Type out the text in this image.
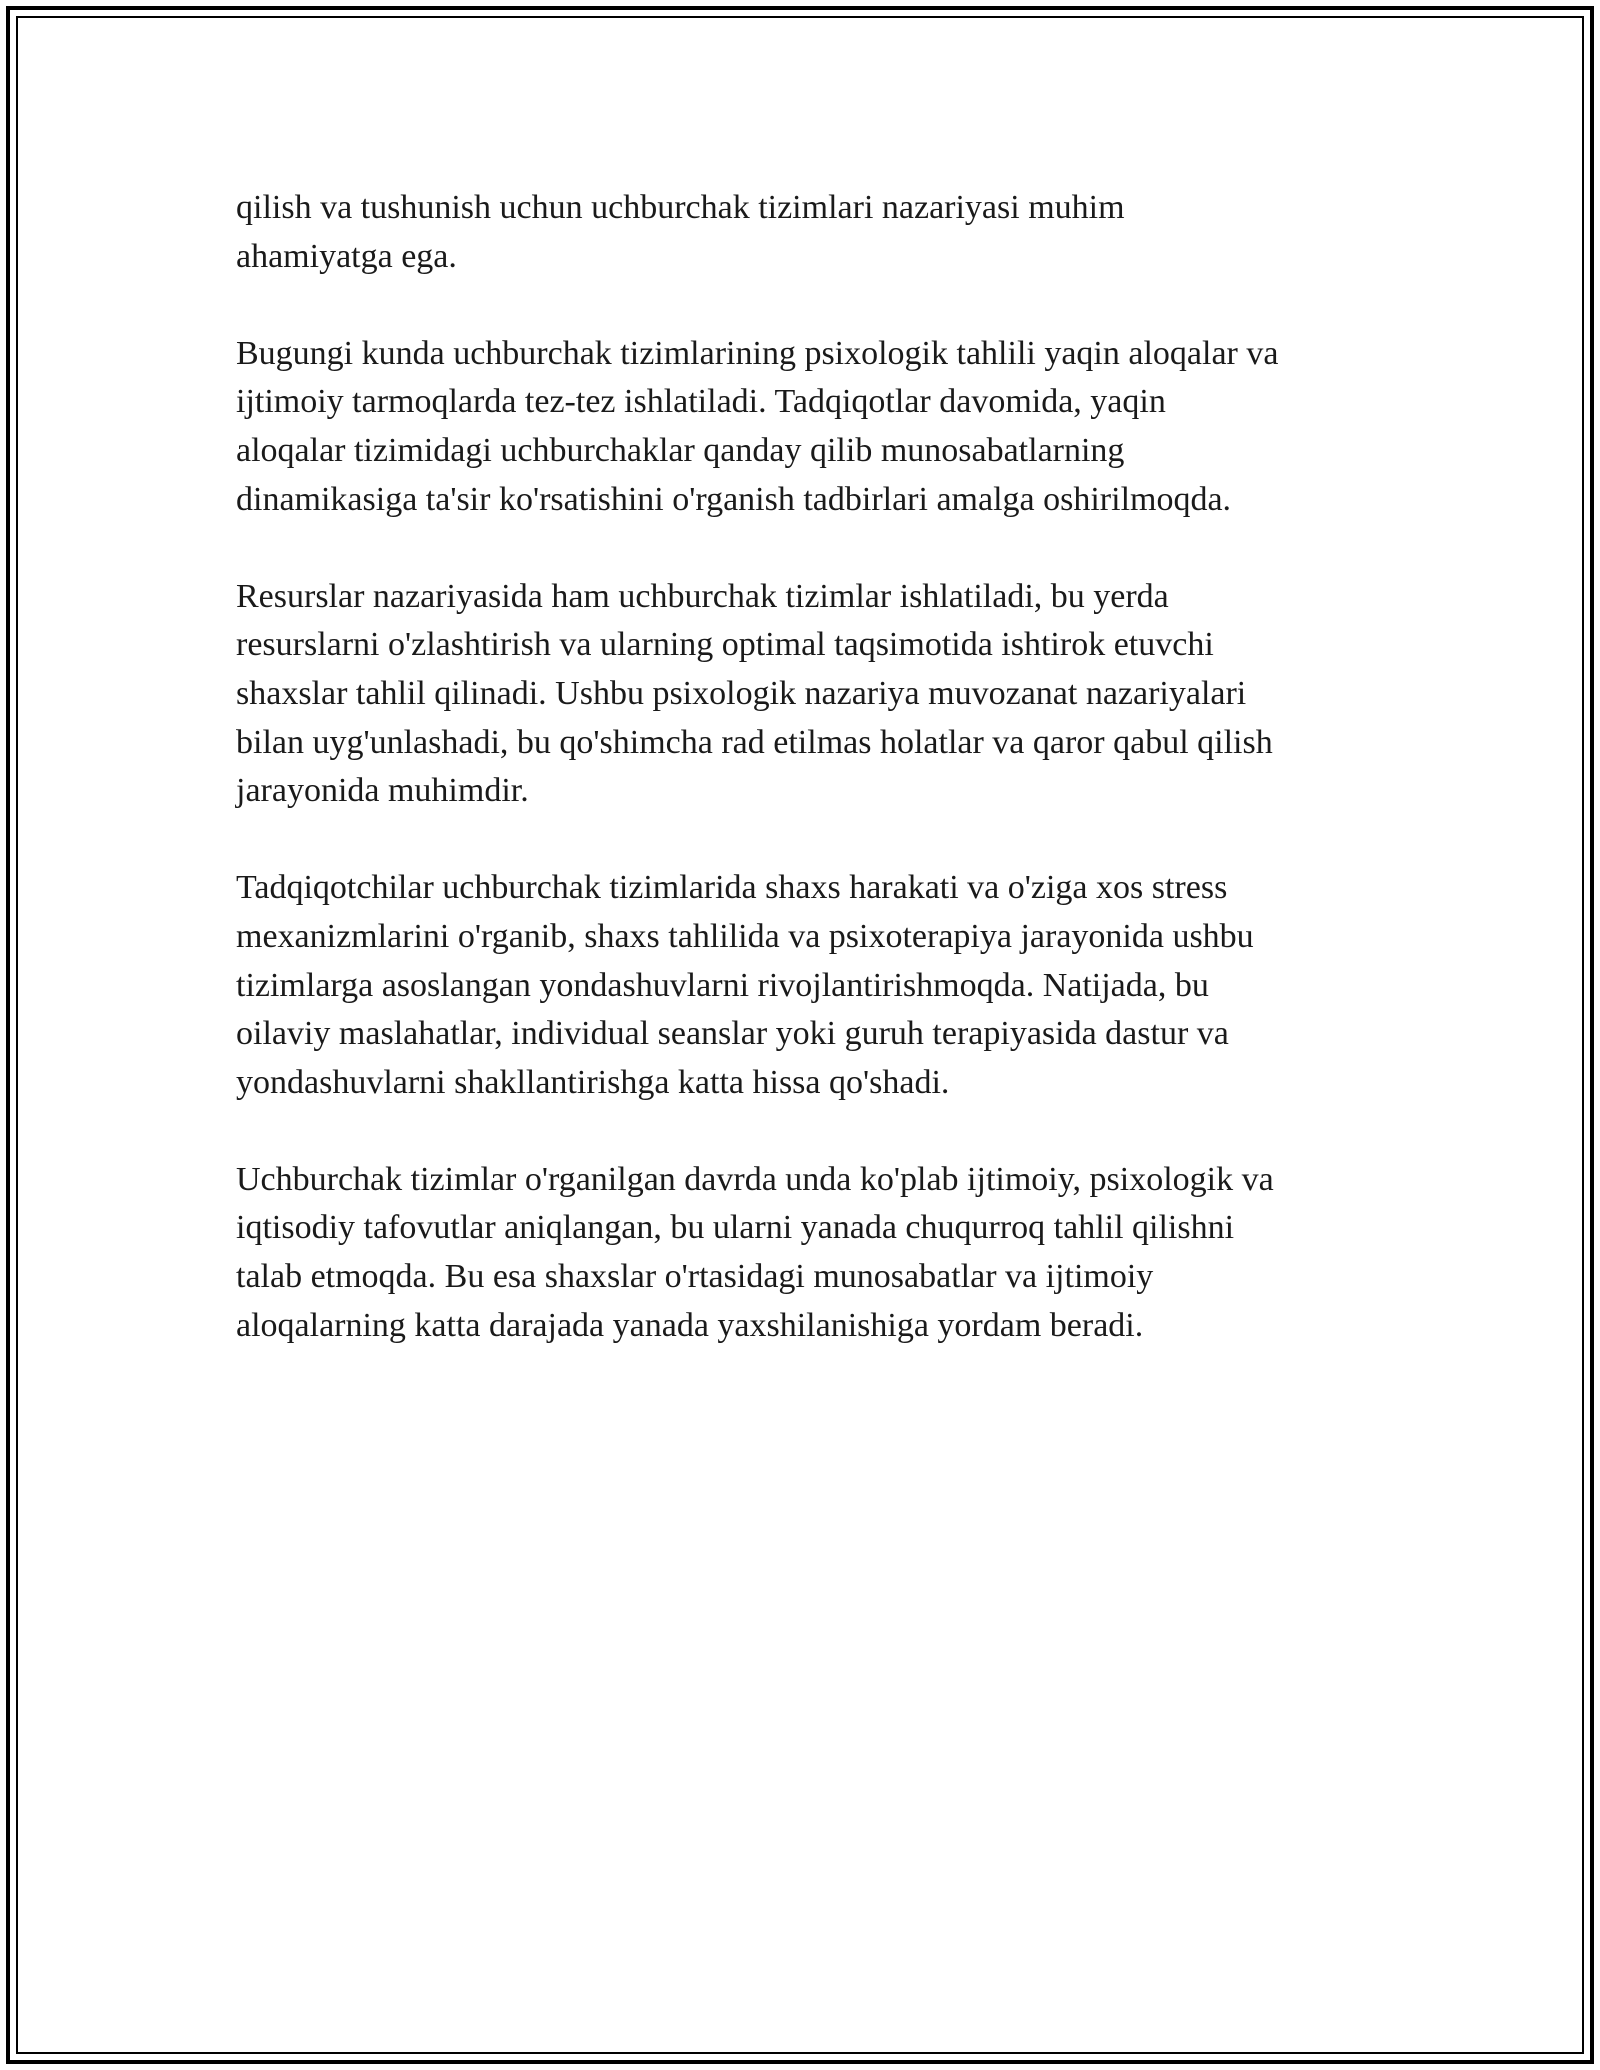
qilish va tushunish uchun uchburchak tizimlari nazariyasi muhim
ahamiyatga ega.

Bugungi kunda uchburchak tizimlarining psixologik tahlili yaqin aloqalar va
ijtimoiy tarmoqlarda tez-tez ishlatiladi. Tadqiqotlar davomida, yaqin
aloqalar tizimidagi uchburchaklar qanday qilib munosabatlarning
dinamikasiga ta'sir ko'rsatishini o'rganish tadbirlari amalga oshirilmoqda.

Resurslar nazariyasida ham uchburchak tizimlar ishlatiladi, bu yerda
resurslarni o'zlashtirish va ularning optimal taqsimotida ishtirok etuvchi
shaxslar tahlil qilinadi. Ushbu psixologik nazariya muvozanat nazariyalari
bilan uyg'unlashadi, bu qo'shimcha rad etilmas holatlar va qaror qabul qilish
jarayonida muhimdir.

Tadqiqotchilar uchburchak tizimlarida shaxs harakati va o'ziga xos stress
mexanizmlarini o'rganib, shaxs tahlilida va psixoterapiya jarayonida ushbu
tizimlarga asoslangan yondashuvlarni rivojlantirishmoqda. Natijada, bu
oilaviy maslahatlar, individual seanslar yoki guruh terapiyasida dastur va
yondashuvlarni shakllantirishga katta hissa qo'shadi.

Uchburchak tizimlar o'rganilgan davrda unda ko'plab ijtimoiy, psixologik va
iqtisodiy tafovutlar aniqlangan, bu ularni yanada chuqurroq tahlil qilishni
talab etmoqda. Bu esa shaxslar o'rtasidagi munosabatlar va ijtimoiy
aloqalarning katta darajada yanada yaxshilanishiga yordam beradi.
